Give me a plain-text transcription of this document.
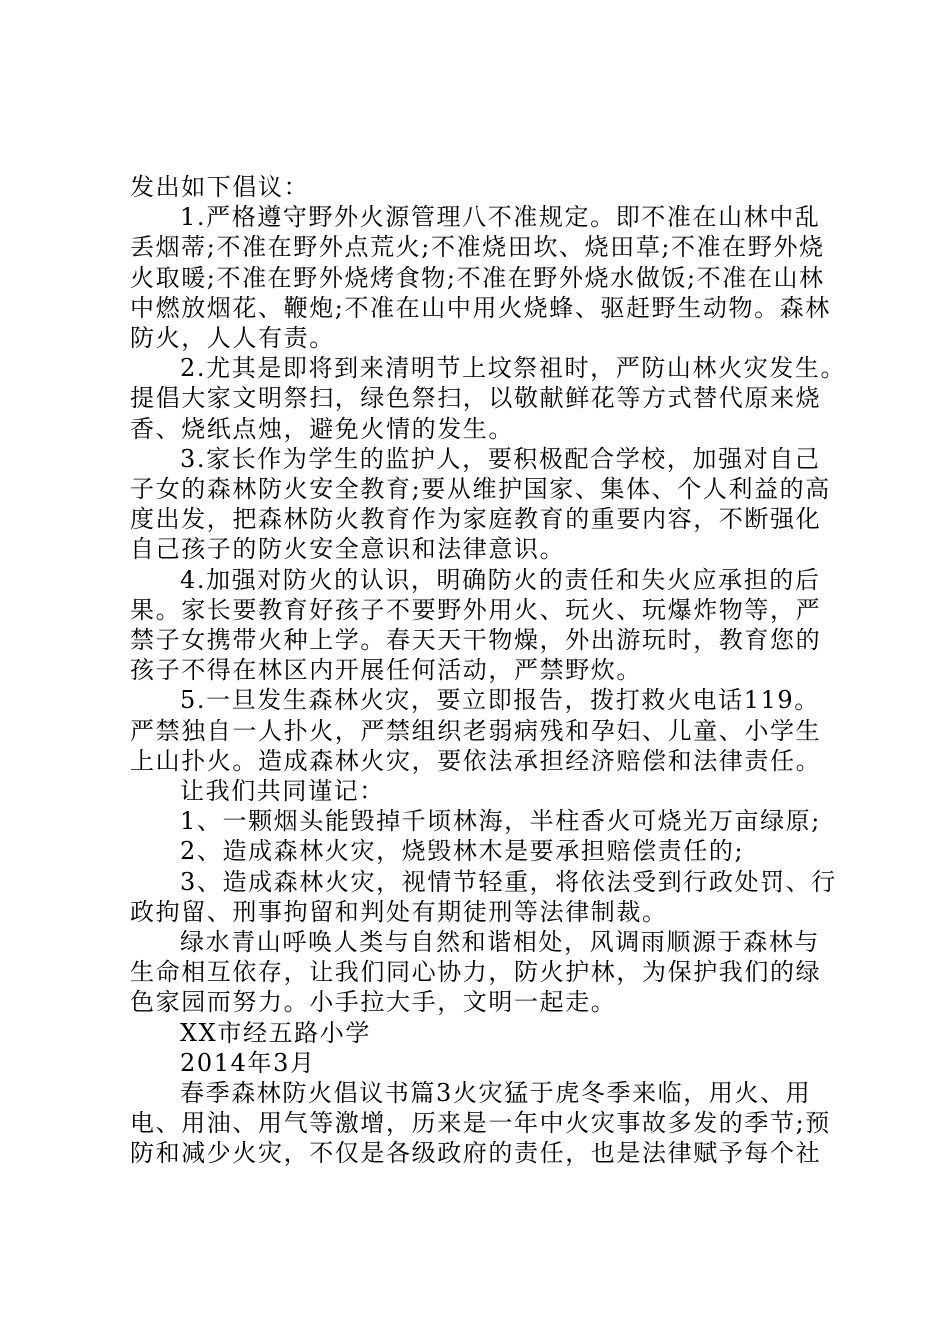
发出如下倡议：
1.严格遵守野外火源管理八不准规定。即不准在山林中乱
丢烟蒂;不准在野外点荒火;不准烧田坎、烧田草;不准在野外烧
火取暖;不准在野外烧烤食物;不准在野外烧水做饭;不准在山林
中燃放烟花、鞭炮;不准在山中用火烧蜂、驱赶野生动物。森林
防火，人人有责。
2.尤其是即将到来清明节上坟祭祖时，严防山林火灾发生。
提倡大家文明祭扫，绿色祭扫，以敬献鲜花等方式替代原来烧
香、烧纸点烛，避免火情的发生。
3.家长作为学生的监护人，要积极配合学校，加强对自己
子女的森林防火安全教育;要从维护国家、集体、个人利益的高
度出发，把森林防火教育作为家庭教育的重要内容，不断强化
自己孩子的防火安全意识和法律意识。
4.加强对防火的认识，明确防火的责任和失火应承担的后
果。家长要教育好孩子不要野外用火、玩火、玩爆炸物等，严
禁子女携带火种上学。春天天干物燥，外出游玩时，教育您的
孩子不得在林区内开展任何活动，严禁野炊。
5.一旦发生森林火灾，要立即报告，拨打救火电话119。
严禁独自一人扑火，严禁组织老弱病残和孕妇、儿童、小学生
上山扑火。造成森林火灾，要依法承担经济赔偿和法律责任。
让我们共同谨记：
1、一颗烟头能毁掉千顷林海，半柱香火可烧光万亩绿原;
2、造成森林火灾，烧毁林木是要承担赔偿责任的;
3、造成森林火灾，视情节轻重，将依法受到行政处罚、行
政拘留、刑事拘留和判处有期徒刑等法律制裁。
绿水青山呼唤人类与自然和谐相处，风调雨顺源于森林与
生命相互依存，让我们同心协力，防火护林，为保护我们的绿
色家园而努力。小手拉大手，文明一起走。
XX市经五路小学
2014年3月
春季森林防火倡议书篇3火灾猛于虎冬季来临，用火、用
电、用油、用气等激增，历来是一年中火灾事故多发的季节;预
防和减少火灾，不仅是各级政府的责任，也是法律赋予每个社
